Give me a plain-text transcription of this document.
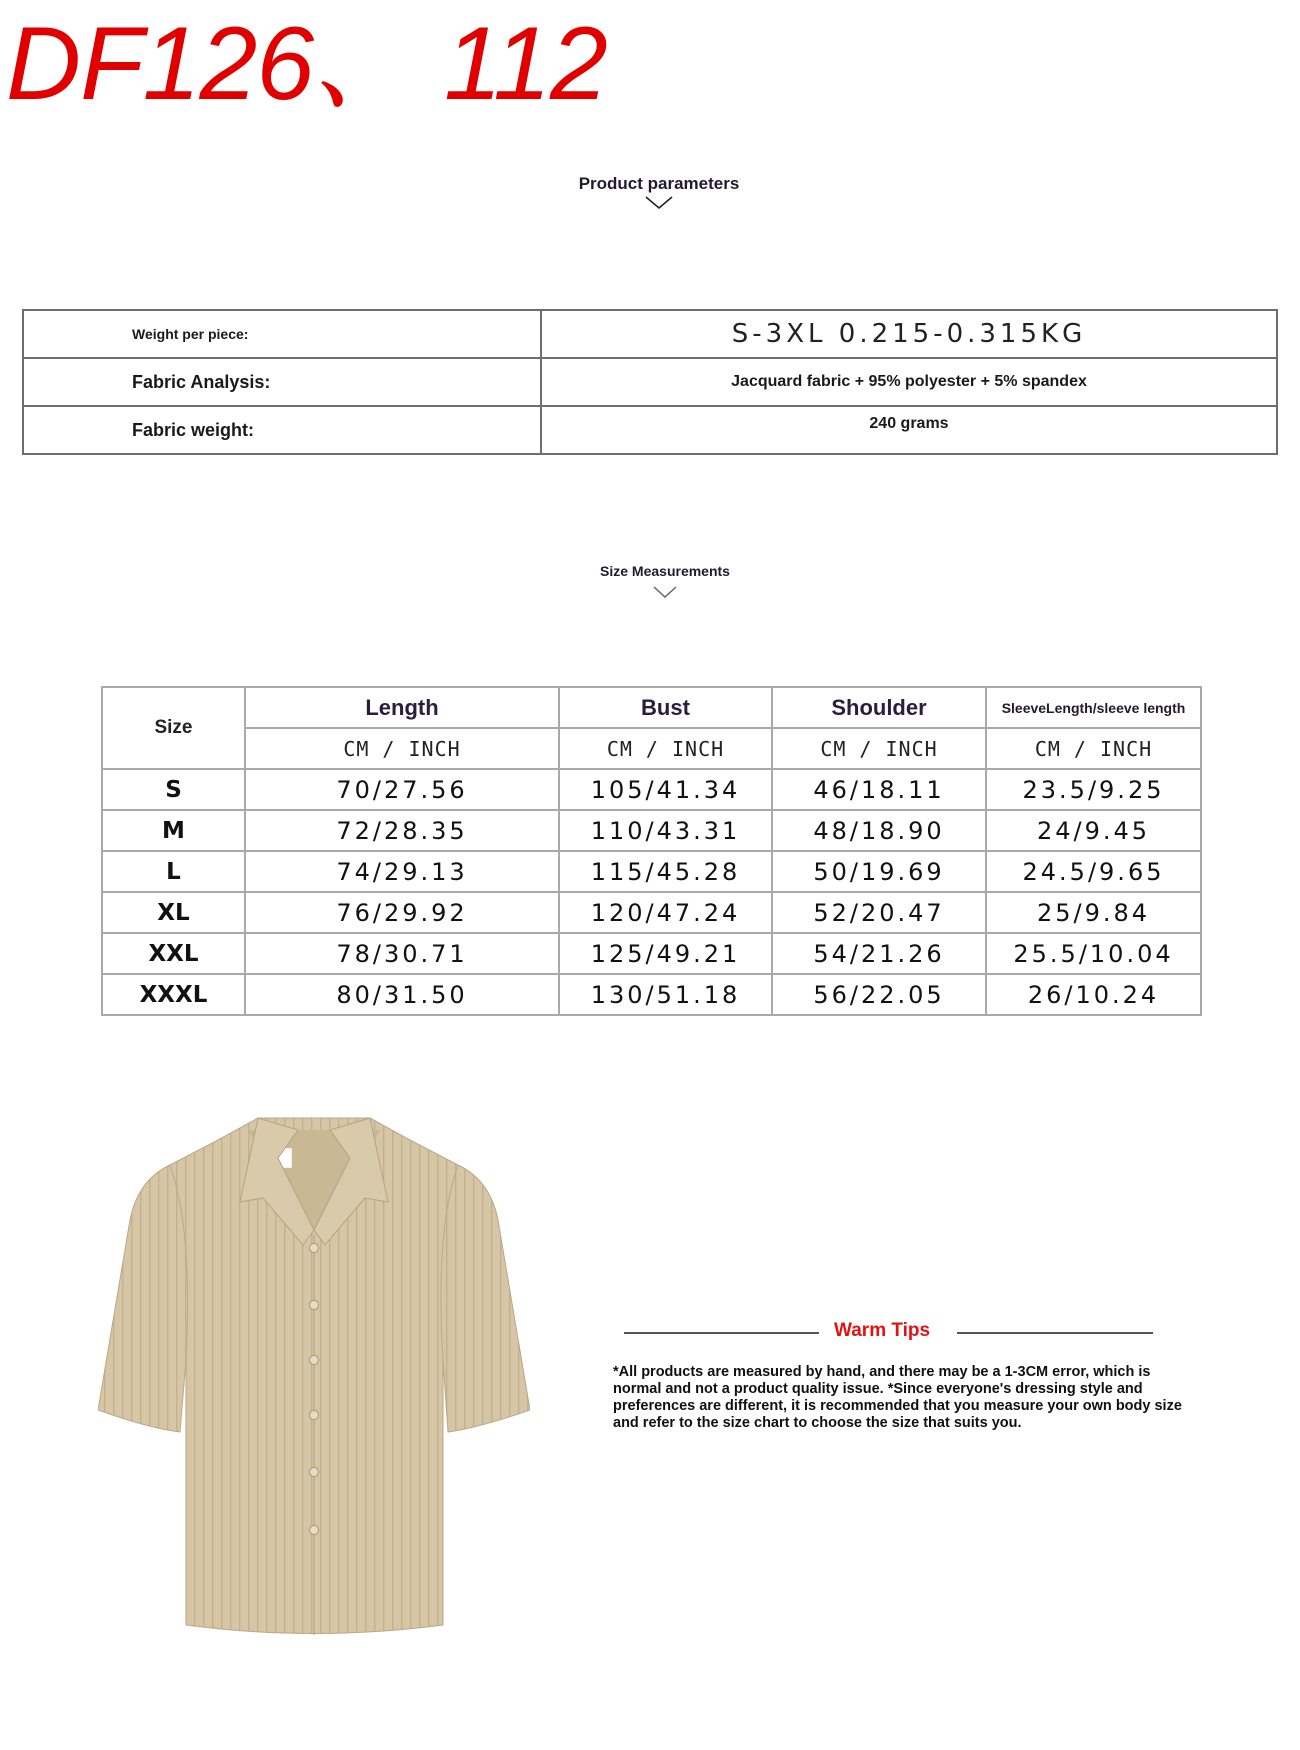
DF126、 112
Product parameters
Weight per piece:	S-3XL 0.215-0.315KG
Fabric Analysis:	Jacquard fabric + 95% polyester + 5% spandex
Fabric weight:	240 grams
Size Measurements
Size	Length	Bust	Shoulder	SleeveLength/sleeve length
CM / INCH	CM / INCH	CM / INCH	CM / INCH
S	70/27.56	105/41.34	46/18.11	23.5/9.25
M	72/28.35	110/43.31	48/18.90	24/9.45
L	74/29.13	115/45.28	50/19.69	24.5/9.65
XL	76/29.92	120/47.24	52/20.47	25/9.84
XXL	78/30.71	125/49.21	54/21.26	25.5/10.04
XXXL	80/31.50	130/51.18	56/22.05	26/10.24
Warm Tips
*All products are measured by hand, and there may be a 1-3CM error, which is normal and not a product quality issue. *Since everyone's dressing style and preferences are different, it is recommended that you measure your own body size and refer to the size chart to choose the size that suits you.
